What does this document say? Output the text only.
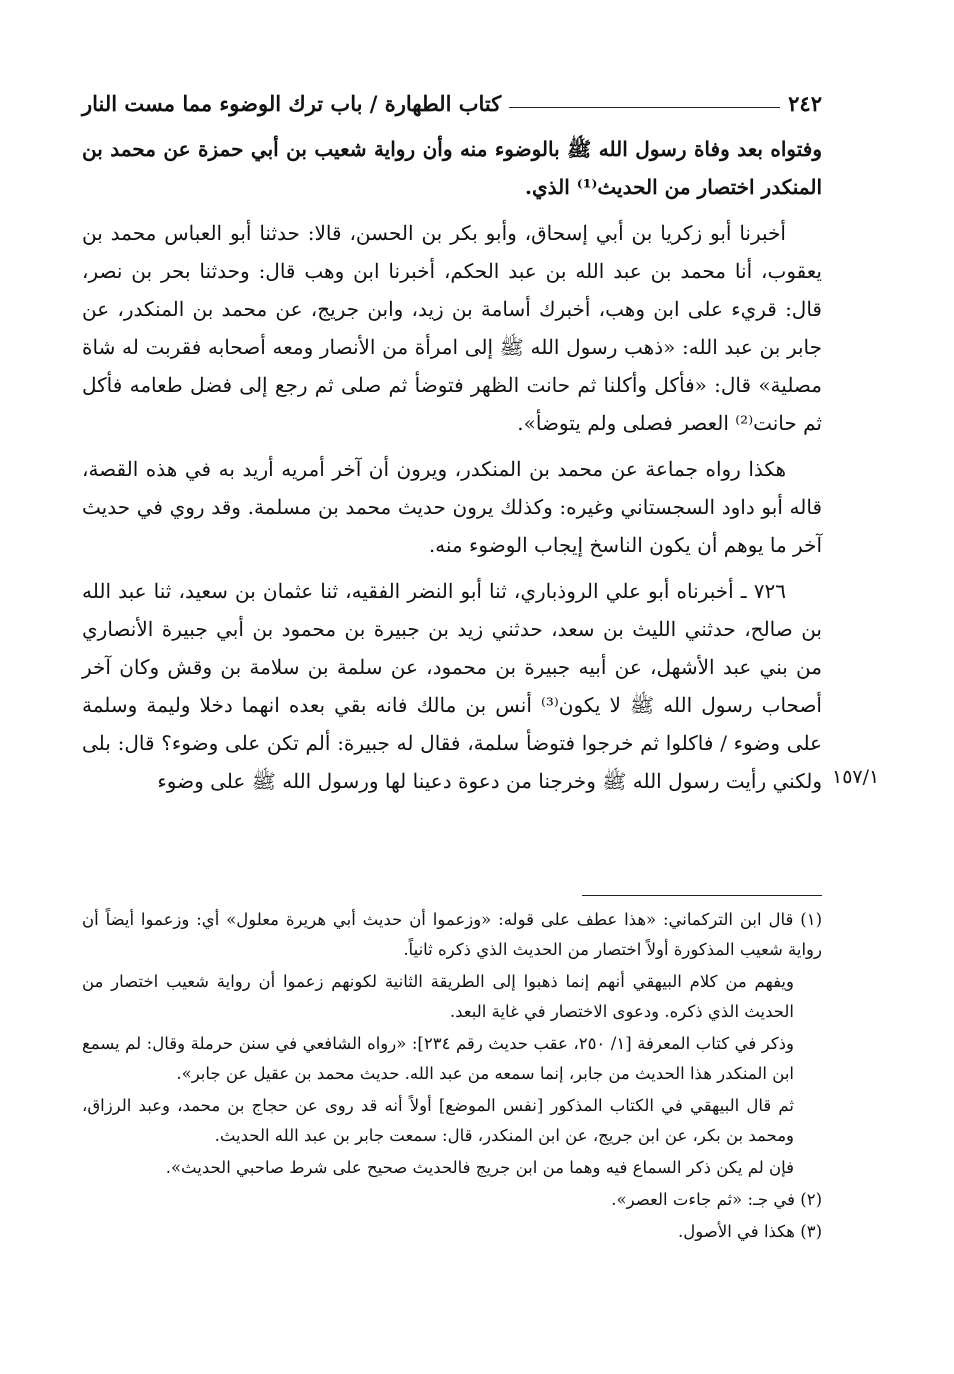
٢٤٢
كتاب الطهارة / باب ترك الوضوء مما مست النار

وفتواه بعد وفاة رسول الله ﷺ بالوضوء منه وأن رواية شعيب بن أبي حمزة عن محمد بن المنكدر اختصار من الحديث⁽¹⁾ الذي.

أخبرنا أبو زكريا بن أبي إسحاق، وأبو بكر بن الحسن، قالا: حدثنا أبو العباس محمد بن يعقوب، أنا محمد بن عبد الله بن عبد الحكم، أخبرنا ابن وهب قال: وحدثنا بحر بن نصر، قال: قريء على ابن وهب، أخبرك أسامة بن زيد، وابن جريج، عن محمد بن المنكدر، عن جابر بن عبد الله: «ذهب رسول الله ﷺ إلى امرأة من الأنصار ومعه أصحابه فقربت له شاة مصلية» قال: «فأكل وأكلنا ثم حانت الظهر فتوضأ ثم صلى ثم رجع إلى فضل طعامه فأكل ثم حانت⁽²⁾ العصر فصلى ولم يتوضأ».

هكذا رواه جماعة عن محمد بن المنكدر، ويرون أن آخر أمريه أريد به في هذه القصة، قاله أبو داود السجستاني وغيره: وكذلك يرون حديث محمد بن مسلمة. وقد روي في حديث آخر ما يوهم أن يكون الناسخ إيجاب الوضوء منه.

٧٢٦ ـ أخبرناه أبو علي الروذباري، ثنا أبو النضر الفقيه، ثنا عثمان بن سعيد، ثنا عبد الله بن صالح، حدثني الليث بن سعد، حدثني زيد بن جبيرة بن محمود بن أبي جبيرة الأنصاري من بني عبد الأشهل، عن أبيه جبيرة بن محمود، عن سلمة بن سلامة بن وقش وكان آخر أصحاب رسول الله ﷺ لا يكون⁽³⁾ أنس بن مالك فانه بقي بعده انهما دخلا وليمة وسلمة على وضوء / فاكلوا ثم خرجوا فتوضأ سلمة، فقال له جبيرة: ألم تكن على وضوء؟ قال: بلى ولكني رأيت رسول الله ﷺ وخرجنا من دعوة دعينا لها ورسول الله ﷺ على وضوء ١٥٧/١

(١) قال ابن التركماني: «هذا عطف على قوله: «وزعموا أن حديث أبي هريرة معلول» أي: وزعموا أيضاً أن رواية شعيب المذكورة أولاً اختصار من الحديث الذي ذكره ثانياً.

ويفهم من كلام البيهقي أنهم إنما ذهبوا إلى الطريقة الثانية لكونهم زعموا أن رواية شعيب اختصار من الحديث الذي ذكره. ودعوى الاختصار في غاية البعد.

وذكر في كتاب المعرفة [١/ ٢٥٠، عقب حديث رقم ٢٣٤]: «رواه الشافعي في سنن حرملة وقال: لم يسمع ابن المنكدر هذا الحديث من جابر، إنما سمعه من عبد الله. حديث محمد بن عقيل عن جابر».

ثم قال البيهقي في الكتاب المذكور [نفس الموضع] أولاً أنه قد روى عن حجاج بن محمد، وعبد الرزاق، ومحمد بن بكر، عن ابن جريج، عن ابن المنكدر، قال: سمعت جابر بن عبد الله الحديث.

فإن لم يكن ذكر السماع فيه وهما من ابن جريج فالحديث صحيح على شرط صاحبي الحديث».

(٢) في جـ: «ثم جاءت العصر».

(٣) هكذا في الأصول.
